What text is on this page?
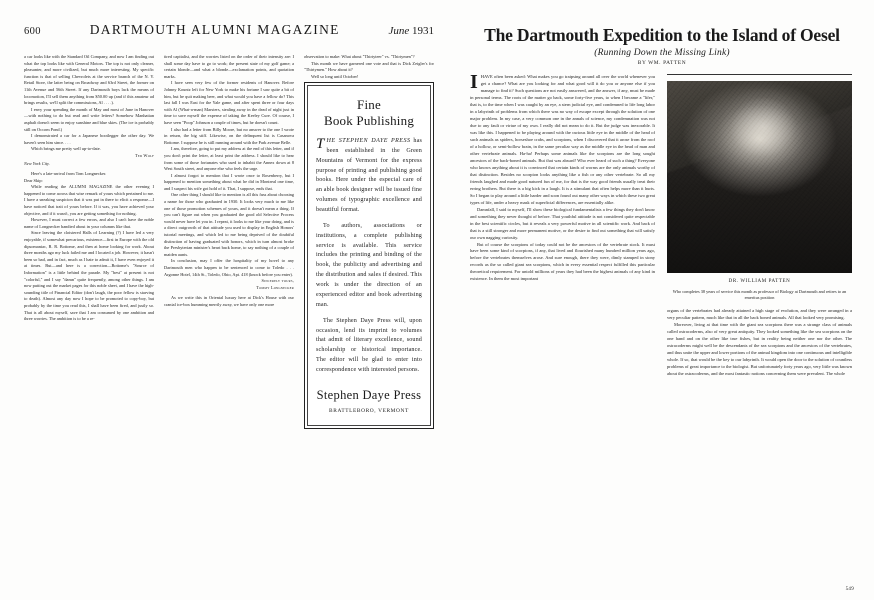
600	DARTMOUTH ALUMNI MAGAZINE	June 1931

a car looks like with the Standard Oil Company, and now I am finding out what the top looks like with General Motors. The top is not only cleaner, pleasanter, and more civilized, but much more interesting. My specific function is that of selling Chevrolets at the service branch of the N. Y. Retail Store, the latter being on Broadway and 63rd Street, the former on 11th Avenue and 56th Street. If any Dartmouth boys lack the means of locomotion, I'll sell them anything from $50.00 up (and if this amateur ad brings results, we'll split the commissions, Al . . . .).

I envy your spending the month of May and most of June in Hanover—with nothing to do but read and write letters? Somehow Manhattan asphalt doesn't seem to enjoy sunshine and blue skies. (The ice is probably still on Occom Pond.)

I demonstrated a car for a Japanese bootlegger the other day. We haven't seen him since. . . .

Which brings me pretty well up-to-date.

Ted Wolf

New York City.

Here's a late-arrival from Tom Longnecker.

Dear Skip:

While reading the ALUMNI MAGAZINE the other evening I happened to come across that wise remark of yours which pertained to me. I have a sneaking suspicion that it was put in there to elicit a response—I have noticed that trait of yours before. If it was, you have achieved your objective, and if it wasn't, you are getting something for nothing.

However, I must correct a few errors, and also I can't have the noble name of Longnecker bandied about in your columns like that.

Since leaving the cloistered Halls of Learning (?) I have led a very enjoyable, if somewhat precarious, existence—first in Europe with the old dipsomaniac, R. R. Bottome, and then at home looking for work. About three months ago my luck failed me and I located a job. However, it hasn't been so bad, and in fact, much as I hate to admit it, I have even enjoyed it at times. But—and here is a correction—Bottome's "Source of Information" is a little behind the parade. My "best" at present is not "colorful," and I say "damn" quite frequently, among other things. I am now putting out the market pages for this noble sheet, and I have the high-sounding title of Financial Editor (don't laugh, the poor fellow is starving to death). Almost any day now I hope to be promoted to copy-boy, but probably by the time you read this, I shall have been fired, and justly so. That is all about myself, save that I am consumed by one ambition and three worries. The ambition is to be a re-

tired capitalist, and the worries listed on the order of their intensity are: I shall some day have to go to work; the present state of my golf game; a certain blonde—and what a blonde—exclamation points, and quotation marks.

I have seen very few of the former residents of Hanover. Before Johnny Kountz left for New York to make his fortune I saw quite a bit of him, but he quit making beer, and what would you have a fellow do? This last fall I was East for the Yale game, and after spent three or four days with Al (What-a-man) Marsters, stealing away in the dead of night just in time to save myself the expense of taking the Keeley Cure. Of course, I have seen "Poop" Johnson a couple of times, but he doesn't count.

I also had a letter from Billy Moore, but no answer to the one I wrote in return, the big stiff. Likewise, on the delinquent list is Casanova Bottome. I suppose he is still running around with the Park avenue Belle.

I am, therefore, going to put my address at the end of this letter, and if you don't print the letter, at least print the address. I should like to hear from some of those fortunates who used to inhabit the Annex down at 8 West South street, and anyone else who feels the urge.

I almost forgot to mention that I wrote once to Rosenberry, but I happened to mention something about what he did in Montreal one time, and I suspect his wife got hold of it. That, I suppose, ends that.

One other thing I should like to mention is all this fuss about choosing a name for those who graduated in 1930. It looks very much to me like one of those promotion schemes of yours, and it doesn't mean a thing. If you can't figure out when you graduated the good old Selective Process would never have let you in. I repeat, it looks to me like your doing, and is a direct outgrowth of that attitude you used to display in English Honors' tutorial meetings, and which led to me being deprived of the doubtful distinction of having graduated with honors, which in turn almost broke the Presbyterian minister's heart back home, to say nothing of a couple of maiden aunts.

In conclusion, may I offer the hospitality of my hovel to any Dartmouth men who happen to be sentenced to come to Toledo . . . Argonne Hotel, 14th St., Toledo, Ohio, Apt. 418 (knock before you enter).

Sincerely yours,

Tommy Longnecker

As we write this in Oriental luxury here at Dick's House with our cranial ice-box humming merrily away, we have only one more

observation to make: What about "Thirtyteer" vs. "Thirtymen"?

This month we have garnered one vote and that is Dick Zeigler's for "Thirtymen." How about it?

Well so long until October!

Fine
Book Publishing

THE STEPHEN DAYE PRESS has been established in the Green Mountains of Vermont for the express purpose of printing and publishing good books. Here under the especial care of an able book designer will be issued fine volumes of typographic excellence and beautiful format.

To authors, associations or institutions, a complete publishing service is available. This service includes the printing and binding of the book, the publicity and advertising and the distribution and sales if desired. This work is under the direction of an experienced editor and book advertising man.

The Stephen Daye Press will, upon occasion, lend its imprint to volumes that admit of literary excellence, sound scholarship or historical importance. The editor will be glad to enter into correspondence with interested persons.

Stephen Daye Press
BRATTLEBORO, VERMONT
The Dartmouth Expedition to the Island of Oesel
(Running Down the Missing Link)
BY WM. PATTEN

IHAVE often been asked: What makes you go traipsing around all over the world whenever you get a chance? What are you looking for and what good will it do you or anyone else if you manage to find it? Such questions are not easily answered, and the answer, if any, must be made in personal terms. The roots of the matter go back, some forty-five years, to when I became a "lifer," that is, to the time when I was caught by an eye, a stern judicial eye, and condemned to life long labor in a labyrinth of problems from which there was no way of escape except through the solution of one major problem. In my case, a very common one in the annals of science, my condemnation was not due to any fault or virtue of my own. I really did not mean to do it. But the judge was inexorable. It was like this. I happened to be playing around with the curious little eye in the middle of the head of such animals as spiders, horseshoe crabs, and scorpions, when I discovered that it arose from the roof of a hollow, or semi-hollow brain, in the same peculiar way as the middle eye in the head of man and other vertebrate animals. Ha-ha! Perhaps some animals like the scorpions are the long sought ancestors of the back-boned animals. But that was absurd! Who ever heard of such a thing? Everyone who knows anything about it is convinced that certain kinds of worms are the only animals worthy of that distinction. Besides no scorpion looks anything like a fish or any other vertebrate. So all my friends laughed and made good natured fun of me, for that is the way good friends usually treat their erring brothers. But there is a big kick in a laugh. It is a stimulant that often helps more than it hurts. So I began to play around a little harder and soon found out many other ways in which these two great types of life, under a heavy mask of superficial differences, are essentially alike.

Damnfall, I said to myself, I'll show these biological fundamentalists a few things they don't know and something they never thought of before. That youthful attitude is not considered quite respectable in the best scientific circles, but it reveals a very powerful motive in all scientific work. And back of that is a still stronger and more permanent motive, or the desire to find out something that will satisfy our own nagging curiosity.

But of course the scorpions of today could not be the ancestors of the vertebrate stock. It must have been some kind of scorpions, if any, that lived and flourished many hundred million years ago, before the vertebrates themselves arose. And sure enough, there they were, dimly stamped in stony records as the so called giant sea scorpions, which in every essential respect fulfilled this particular theoretical requirement. For untold millions of years they had been the highest animals of any kind in existence. In them the most important

DR. WILLIAM PATTEN
Who completes 38 years of service this month as professor of Biology at Dartmouth and retires to an emeritus position

organs of the vertebrates had already attained a high stage of evolution, and they were arranged in a very peculiar pattern, much like that in all the back boned animals. All that looked very promising.

Moreover, living at that time with the giant sea scorpions there was a strange class of animals called ostracoderms, also of very great antiquity. They looked something like the sea scorpions on the one hand and on the other like true fishes, but in reality being neither one nor the other. The ostracoderms might well be the descendants of the sea scorpions and the ancestors of the vertebrates, and thus unite the upper and lower portions of the animal kingdom into one continuous and intelligible whole. If so, that would be the key to our labyrinth. It would open the door to the solution of countless problems of great importance to the biologist. But unfortunately forty years ago, very little was known about the ostracoderms, and the most fantastic notions concerning them were prevalent. The whole

549
